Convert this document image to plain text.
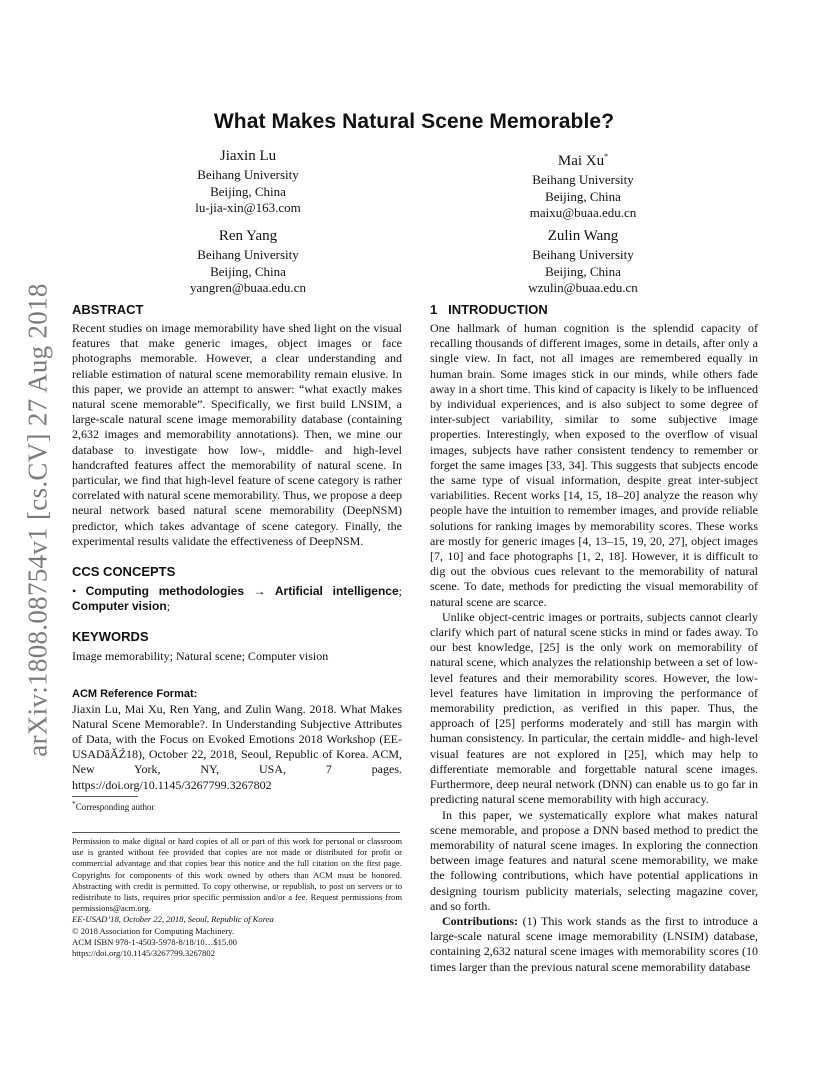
arXiv:1808.08754v1 [cs.CV] 27 Aug 2018
What Makes Natural Scene Memorable?
Jiaxin Lu
Beihang University
Beijing, China
lu-jia-xin@163.com
Mai Xu*
Beihang University
Beijing, China
maixu@buaa.edu.cn
Ren Yang
Beihang University
Beijing, China
yangren@buaa.edu.cn
Zulin Wang
Beihang University
Beijing, China
wzulin@buaa.edu.cn
ABSTRACT

Recent studies on image memorability have shed light on the visual features that make generic images, object images or face photographs memorable. However, a clear understanding and reliable estimation of natural scene memorability remain elusive. In this paper, we provide an attempt to answer: “what exactly makes natural scene memorable”. Specifically, we first build LNSIM, a large-scale natural scene image memorability database (containing 2,632 images and memorability annotations). Then, we mine our database to investigate how low-, middle- and high-level handcrafted features affect the memorability of natural scene. In particular, we find that high-level feature of scene category is rather correlated with natural scene memorability. Thus, we propose a deep neural network based natural scene memorability (DeepNSM) predictor, which takes advantage of scene category. Finally, the experimental results validate the effectiveness of DeepNSM.

CCS CONCEPTS

• Computing methodologies → Artificial intelligence; Computer vision;

KEYWORDS

Image memorability; Natural scene; Computer vision

ACM Reference Format:

Jiaxin Lu, Mai Xu, Ren Yang, and Zulin Wang. 2018. What Makes Natural Scene Memorable?. In Understanding Subjective Attributes of Data, with the Focus on Evoked Emotions 2018 Workshop (EE-USADâĂŹ18), October 22, 2018, Seoul, Republic of Korea. ACM, New York, NY, USA, 7 pages. https://doi.org/10.1145/3267799.3267802

*Corresponding author
Permission to make digital or hard copies of all or part of this work for personal or classroom use is granted without fee provided that copies are not made or distributed for profit or commercial advantage and that copies bear this notice and the full citation on the first page. Copyrights for components of this work owned by others than ACM must be honored. Abstracting with credit is permitted. To copy otherwise, or republish, to post on servers or to redistribute to lists, requires prior specific permission and/or a fee. Request permissions from permissions@acm.org.
EE-USAD’18, October 22, 2018, Seoul, Republic of Korea
© 2018 Association for Computing Machinery.
ACM ISBN 978-1-4503-5978-8/18/10…$15.00
https://doi.org/10.1145/3267799.3267802
1 INTRODUCTION

One hallmark of human cognition is the splendid capacity of recalling thousands of different images, some in details, after only a single view. In fact, not all images are remembered equally in human brain. Some images stick in our minds, while others fade away in a short time. This kind of capacity is likely to be influenced by individual experiences, and is also subject to some degree of inter-subject variability, similar to some subjective image properties. Interestingly, when exposed to the overflow of visual images, subjects have rather consistent tendency to remember or forget the same images [33, 34]. This suggests that subjects encode the same type of visual information, despite great inter-subject variabilities. Recent works [14, 15, 18–20] analyze the reason why people have the intuition to remember images, and provide reliable solutions for ranking images by memorability scores. These works are mostly for generic images [4, 13–15, 19, 20, 27], object images [7, 10] and face photographs [1, 2, 18]. However, it is difficult to dig out the obvious cues relevant to the memorability of natural scene. To date, methods for predicting the visual memorability of natural scene are scarce.

Unlike object-centric images or portraits, subjects cannot clearly clarify which part of natural scene sticks in mind or fades away. To our best knowledge, [25] is the only work on memorability of natural scene, which analyzes the relationship between a set of low-level features and their memorability scores. However, the low-level features have limitation in improving the performance of memorability prediction, as verified in this paper. Thus, the approach of [25] performs moderately and still has margin with human consistency. In particular, the certain middle- and high-level visual features are not explored in [25], which may help to differentiate memorable and forgettable natural scene images. Furthermore, deep neural network (DNN) can enable us to go far in predicting natural scene memorability with high accuracy.

In this paper, we systematically explore what makes natural scene memorable, and propose a DNN based method to predict the memorability of natural scene images. In exploring the connection between image features and natural scene memorability, we make the following contributions, which have potential applications in designing tourism publicity materials, selecting magazine cover, and so forth.

Contributions: (1) This work stands as the first to introduce a large-scale natural scene image memorability (LNSIM) database, containing 2,632 natural scene images with memorability scores (10 times larger than the previous natural scene memorability database
